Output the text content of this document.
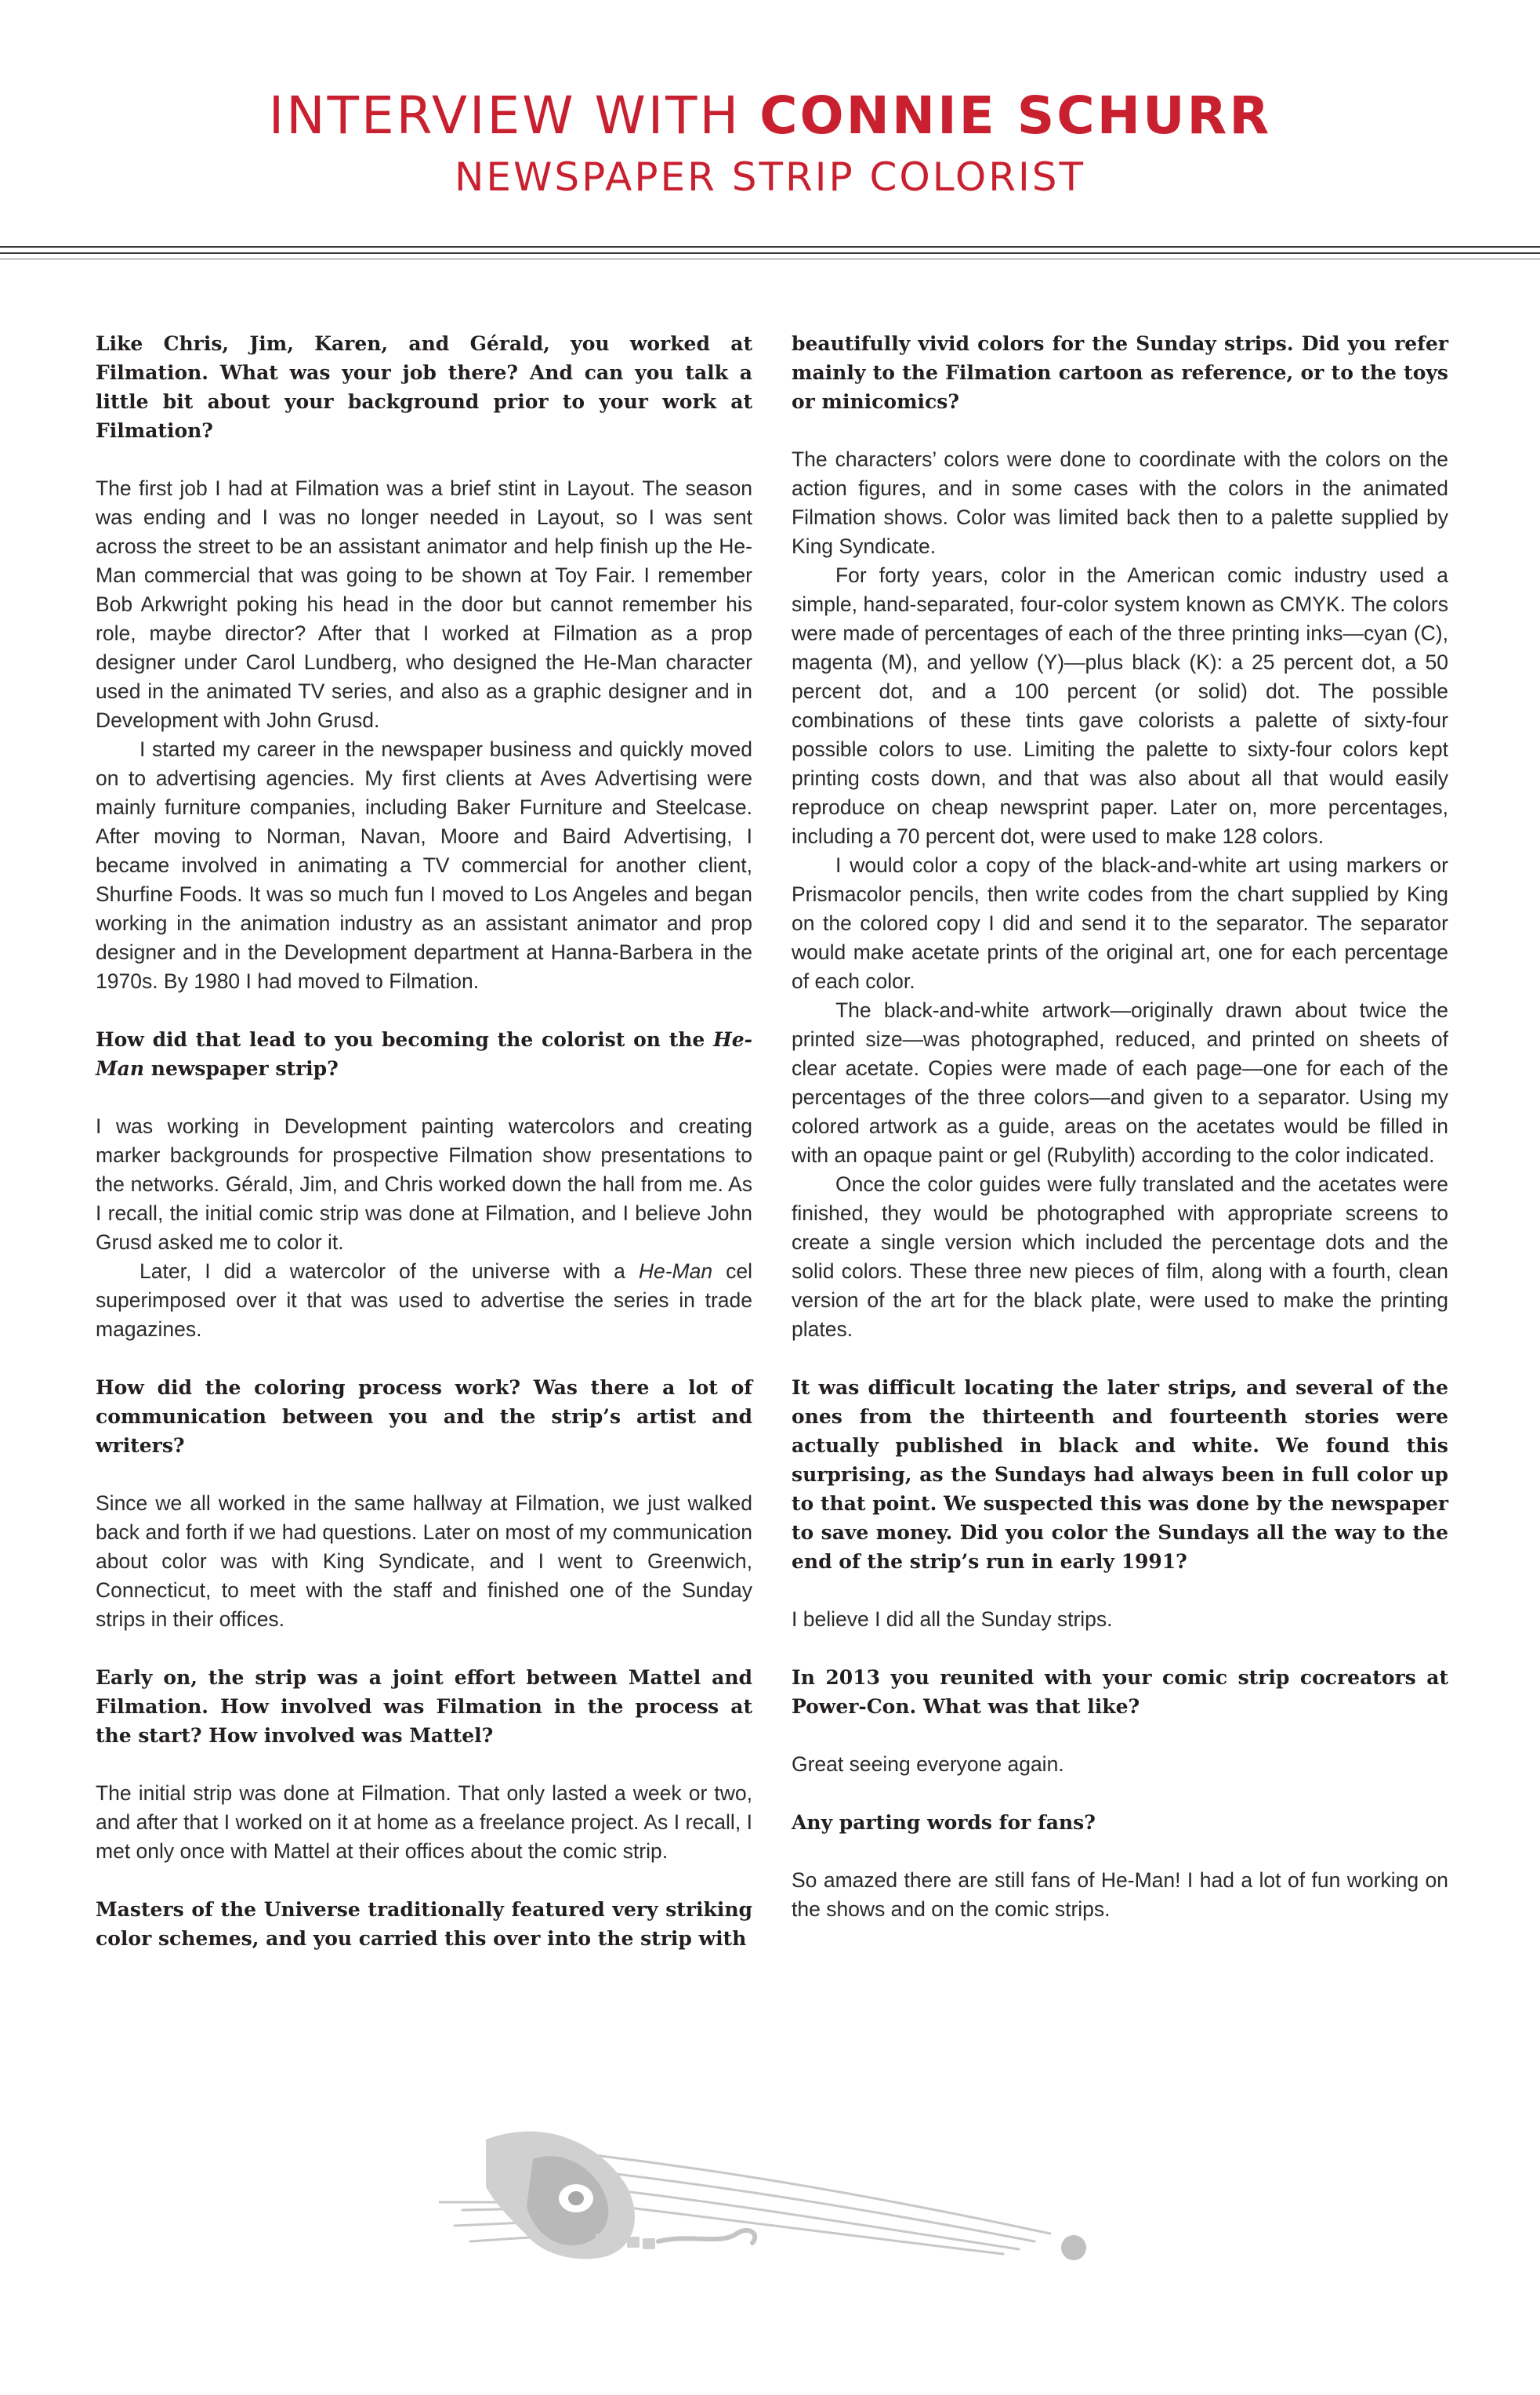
INTERVIEW WITH CONNIE SCHURR
NEWSPAPER STRIP COLORIST

Like Chris, Jim, Karen, and Gérald, you worked at Filmation. What was your job there? And can you talk a little bit about your background prior to your work at Filmation?

The first job I had at Filmation was a brief stint in Layout. The season was ending and I was no longer needed in Layout, so I was sent across the street to be an assistant animator and help finish up the He-Man commercial that was going to be shown at Toy Fair. I remember Bob Arkwright poking his head in the door but cannot remember his role, maybe director? After that I worked at Filmation as a prop designer under Carol Lundberg, who designed the He-Man character used in the animated TV series, and also as a graphic designer and in Development with John Grusd.

I started my career in the newspaper business and quickly moved on to advertising agencies. My first clients at Aves Advertising were mainly furniture companies, including Baker Furniture and Steelcase. After moving to Norman, Navan, Moore and Baird Advertising, I became involved in animating a TV commercial for another client, Shurfine Foods. It was so much fun I moved to Los Angeles and began working in the animation industry as an assistant animator and prop designer and in the Development department at Hanna-Barbera in the 1970s. By 1980 I had moved to Filmation.

How did that lead to you becoming the colorist on the He-Man newspaper strip?

I was working in Development painting watercolors and creating marker backgrounds for prospective Filmation show presentations to the networks. Gérald, Jim, and Chris worked down the hall from me. As I recall, the initial comic strip was done at Filmation, and I believe John Grusd asked me to color it.

Later, I did a watercolor of the universe with a He-Man cel superimposed over it that was used to advertise the series in trade magazines.

How did the coloring process work? Was there a lot of communication between you and the strip’s artist and writers?

Since we all worked in the same hallway at Filmation, we just walked back and forth if we had questions. Later on most of my communication about color was with King Syndicate, and I went to Greenwich, Connecticut, to meet with the staff and finished one of the Sunday strips in their offices.

Early on, the strip was a joint effort between Mattel and Filmation. How involved was Filmation in the process at the start? How involved was Mattel?

The initial strip was done at Filmation. That only lasted a week or two, and after that I worked on it at home as a freelance project. As I recall, I met only once with Mattel at their offices about the comic strip.

Masters of the Universe traditionally featured very striking color schemes, and you carried this over into the strip with

beautifully vivid colors for the Sunday strips. Did you refer mainly to the Filmation cartoon as reference, or to the toys or minicomics?

The characters’ colors were done to coordinate with the colors on the action figures, and in some cases with the colors in the animated Filmation shows. Color was limited back then to a palette supplied by King Syndicate.

For forty years, color in the American comic industry used a simple, hand-separated, four-color system known as CMYK. The colors were made of percentages of each of the three printing inks—cyan (C), magenta (M), and yellow (Y)—plus black (K): a 25 percent dot, a 50 percent dot, and a 100 percent (or solid) dot. The possible combinations of these tints gave colorists a palette of sixty-four possible colors to use. Limiting the palette to sixty-four colors kept printing costs down, and that was also about all that would easily reproduce on cheap newsprint paper. Later on, more percentages, including a 70 percent dot, were used to make 128 colors.

I would color a copy of the black-and-white art using markers or Prismacolor pencils, then write codes from the chart supplied by King on the colored copy I did and send it to the separator. The separator would make acetate prints of the original art, one for each percentage of each color.

The black-and-white artwork—originally drawn about twice the printed size—was photographed, reduced, and printed on sheets of clear acetate. Copies were made of each page—one for each of the percentages of the three colors—and given to a separator. Using my colored artwork as a guide, areas on the acetates would be filled in with an opaque paint or gel (Rubylith) according to the color indicated.

Once the color guides were fully translated and the acetates were finished, they would be photographed with appropriate screens to create a single version which included the percentage dots and the solid colors. These three new pieces of film, along with a fourth, clean version of the art for the black plate, were used to make the printing plates.

It was difficult locating the later strips, and several of the ones from the thirteenth and fourteenth stories were actually published in black and white. We found this surprising, as the Sundays had always been in full color up to that point. We suspected this was done by the newspaper to save money. Did you color the Sundays all the way to the end of the strip’s run in early 1991?

I believe I did all the Sunday strips.

In 2013 you reunited with your comic strip cocreators at Power-Con. What was that like?

Great seeing everyone again.

Any parting words for fans?

So amazed there are still fans of He-Man! I had a lot of fun working on the shows and on the comic strips.
